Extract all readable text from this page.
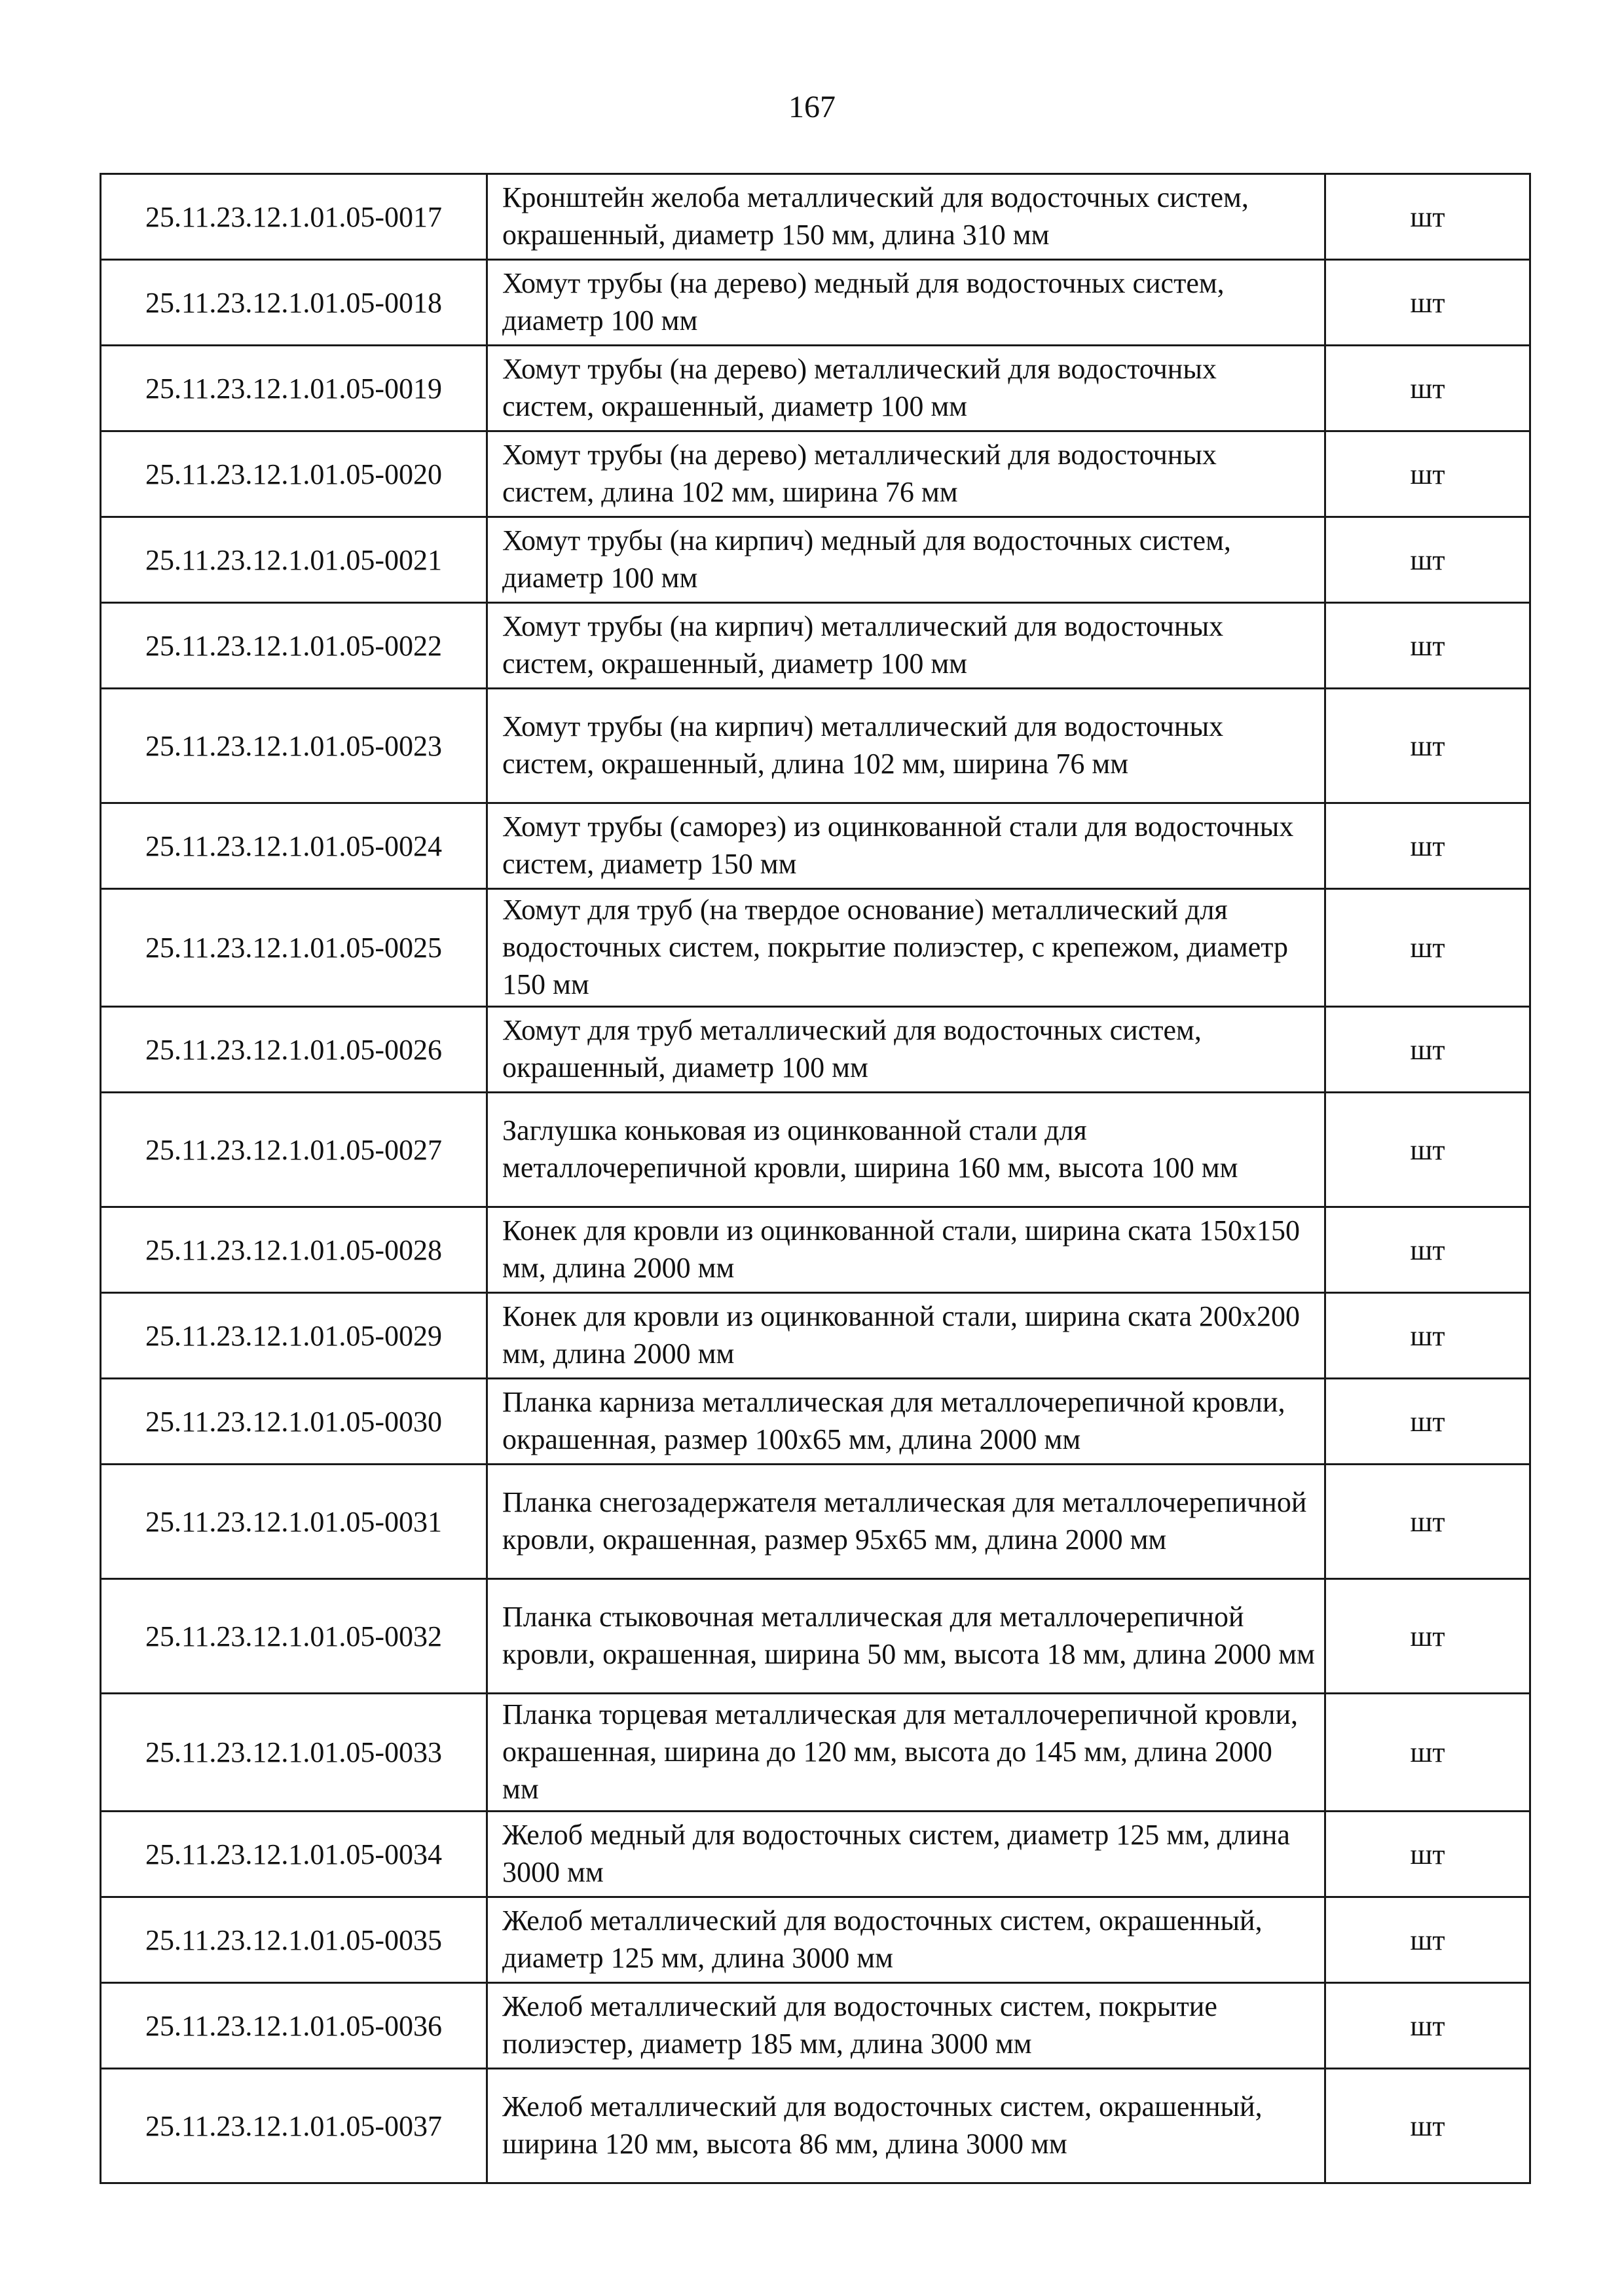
167
25.11.23.12.1.01.05-0017	Кронштейн желоба металлический для водосточных систем, окрашенный, диаметр 150 мм, длина 310 мм	шт
25.11.23.12.1.01.05-0018	Хомут трубы (на дерево) медный для водосточных систем, диаметр 100 мм	шт
25.11.23.12.1.01.05-0019	Хомут трубы (на дерево) металлический для водосточных систем, окрашенный, диаметр 100 мм	шт
25.11.23.12.1.01.05-0020	Хомут трубы (на дерево) металлический для водосточных систем, длина 102 мм, ширина 76 мм	шт
25.11.23.12.1.01.05-0021	Хомут трубы (на кирпич) медный для водосточных систем, диаметр 100 мм	шт
25.11.23.12.1.01.05-0022	Хомут трубы (на кирпич) металлический для водосточных систем, окрашенный, диаметр 100 мм	шт
25.11.23.12.1.01.05-0023	Хомут трубы (на кирпич) металлический для водосточных систем, окрашенный, длина 102 мм, ширина 76 мм	шт
25.11.23.12.1.01.05-0024	Хомут трубы (саморез) из оцинкованной стали для водосточных систем, диаметр 150 мм	шт
25.11.23.12.1.01.05-0025	Хомут для труб (на твердое основание) металлический для водосточных систем, покрытие полиэстер, с крепежом, диаметр 150 мм	шт
25.11.23.12.1.01.05-0026	Хомут для труб металлический для водосточных систем, окрашенный, диаметр 100 мм	шт
25.11.23.12.1.01.05-0027	Заглушка коньковая из оцинкованной стали для металлочерепичной кровли, ширина 160 мм, высота 100 мм	шт
25.11.23.12.1.01.05-0028	Конек для кровли из оцинкованной стали, ширина ската 150х150 мм, длина 2000 мм	шт
25.11.23.12.1.01.05-0029	Конек для кровли из оцинкованной стали, ширина ската 200х200 мм, длина 2000 мм	шт
25.11.23.12.1.01.05-0030	Планка карниза металлическая для металлочерепичной кровли, окрашенная, размер 100х65 мм, длина 2000 мм	шт
25.11.23.12.1.01.05-0031	Планка снегозадержателя металлическая для металлочерепичной кровли, окрашенная, размер 95х65 мм, длина 2000 мм	шт
25.11.23.12.1.01.05-0032	Планка стыковочная металлическая для металлочерепичной кровли, окрашенная, ширина 50 мм, высота 18 мм, длина 2000 мм	шт
25.11.23.12.1.01.05-0033	Планка торцевая металлическая для металлочерепичной кровли, окрашенная, ширина до 120 мм, высота до 145 мм, длина 2000 мм	шт
25.11.23.12.1.01.05-0034	Желоб медный для водосточных систем, диаметр 125 мм, длина 3000 мм	шт
25.11.23.12.1.01.05-0035	Желоб металлический для водосточных систем, окрашенный, диаметр 125 мм, длина 3000 мм	шт
25.11.23.12.1.01.05-0036	Желоб металлический для водосточных систем, покрытие полиэстер, диаметр 185 мм, длина 3000 мм	шт
25.11.23.12.1.01.05-0037	Желоб металлический для водосточных систем, окрашенный, ширина 120 мм, высота 86 мм, длина 3000 мм	шт
